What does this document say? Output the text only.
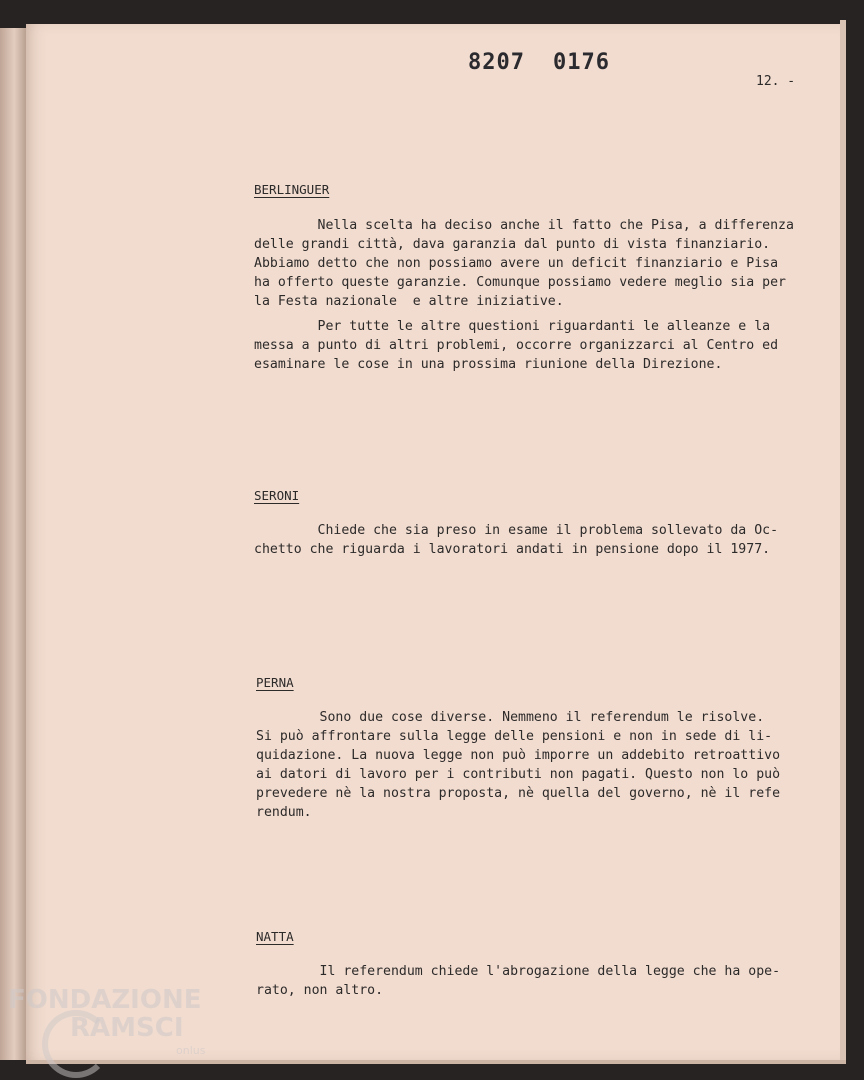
8207 0176
12. -
BERLINGUER
Nella scelta ha deciso anche il fatto che Pisa, a differenza
delle grandi città, dava garanzia dal punto di vista finanziario.
Abbiamo detto che non possiamo avere un deficit finanziario e Pisa
ha offerto queste garanzie. Comunque possiamo vedere meglio sia per
la Festa nazionale  e altre iniziative.
Per tutte le altre questioni riguardanti le alleanze e la
messa a punto di altri problemi, occorre organizzarci al Centro ed
esaminare le cose in una prossima riunione della Direzione.
SERONI
Chiede che sia preso in esame il problema sollevato da Oc-
chetto che riguarda i lavoratori andati in pensione dopo il 1977.
PERNA
Sono due cose diverse. Nemmeno il referendum le risolve.
Si può affrontare sulla legge delle pensioni e non in sede di li-
quidazione. La nuova legge non può imporre un addebito retroattivo
ai datori di lavoro per i contributi non pagati. Questo non lo può
prevedere nè la nostra proposta, nè quella del governo, nè il refe
rendum.
NATTA
Il referendum chiede l'abrogazione della legge che ha ope-
rato, non altro.
FONDAZIONE
RAMSCI
onlus
